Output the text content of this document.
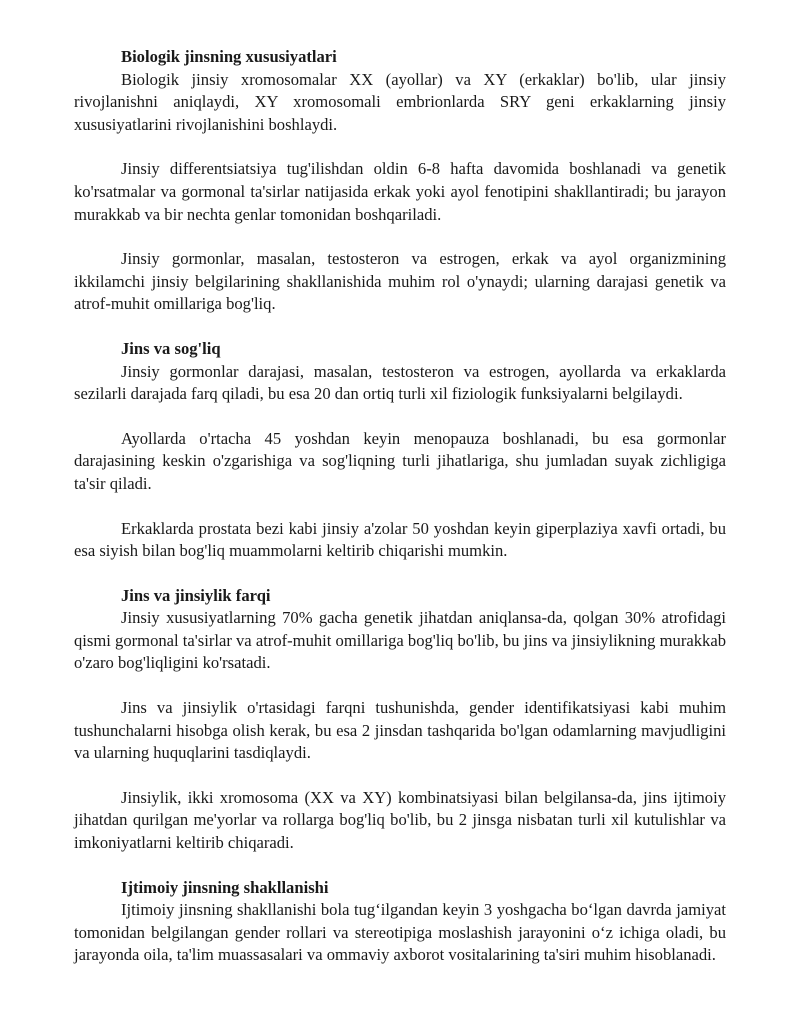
Biologik jinsning xususiyatlari

Biologik jinsiy xromosomalar XX (ayollar) va XY (erkaklar) bo'lib, ular jinsiy rivojlanishni aniqlaydi, XY xromosomali embrionlarda SRY geni erkaklarning jinsiy xususiyatlarini rivojlanishini boshlaydi.

Jinsiy differentsiatsiya tug'ilishdan oldin 6-8 hafta davomida boshlanadi va genetik ko'rsatmalar va gormonal ta'sirlar natijasida erkak yoki ayol fenotipini shakllantiradi; bu jarayon murakkab va bir nechta genlar tomonidan boshqariladi.

Jinsiy gormonlar, masalan, testosteron va estrogen, erkak va ayol organizmining ikkilamchi jinsiy belgilarining shakllanishida muhim rol o'ynaydi; ularning darajasi genetik va atrof-muhit omillariga bog'liq.

Jins va sog'liq

Jinsiy gormonlar darajasi, masalan, testosteron va estrogen, ayollarda va erkaklarda sezilarli darajada farq qiladi, bu esa 20 dan ortiq turli xil fiziologik funksiyalarni belgilaydi.

Ayollarda o'rtacha 45 yoshdan keyin menopauza boshlanadi, bu esa gormonlar darajasining keskin o'zgarishiga va sog'liqning turli jihatlariga, shu jumladan suyak zichligiga ta'sir qiladi.

Erkaklarda prostata bezi kabi jinsiy a'zolar 50 yoshdan keyin giperplaziya xavfi ortadi, bu esa siyish bilan bog'liq muammolarni keltirib chiqarishi mumkin.

Jins va jinsiylik farqi

Jinsiy xususiyatlarning 70% gacha genetik jihatdan aniqlansa-da, qolgan 30% atrofidagi qismi gormonal ta'sirlar va atrof-muhit omillariga bog'liq bo'lib, bu jins va jinsiylikning murakkab o'zaro bog'liqligini ko'rsatadi.

Jins va jinsiylik o'rtasidagi farqni tushunishda, gender identifikatsiyasi kabi muhim tushunchalarni hisobga olish kerak, bu esa 2 jinsdan tashqarida bo'lgan odamlarning mavjudligini va ularning huquqlarini tasdiqlaydi.

Jinsiylik, ikki xromosoma (XX va XY) kombinatsiyasi bilan belgilansa-da, jins ijtimoiy jihatdan qurilgan me'yorlar va rollarga bog'liq bo'lib, bu 2 jinsga nisbatan turli xil kutulishlar va imkoniyatlarni keltirib chiqaradi.

Ijtimoiy jinsning shakllanishi

Ijtimoiy jinsning shakllanishi bola tug‘ilgandan keyin 3 yoshgacha bo‘lgan davrda jamiyat tomonidan belgilangan gender rollari va stereotipiga moslashish jarayonini o‘z ichiga oladi, bu jarayonda oila, ta'lim muassasalari va ommaviy axborot vositalarining ta'siri muhim hisoblanadi.
